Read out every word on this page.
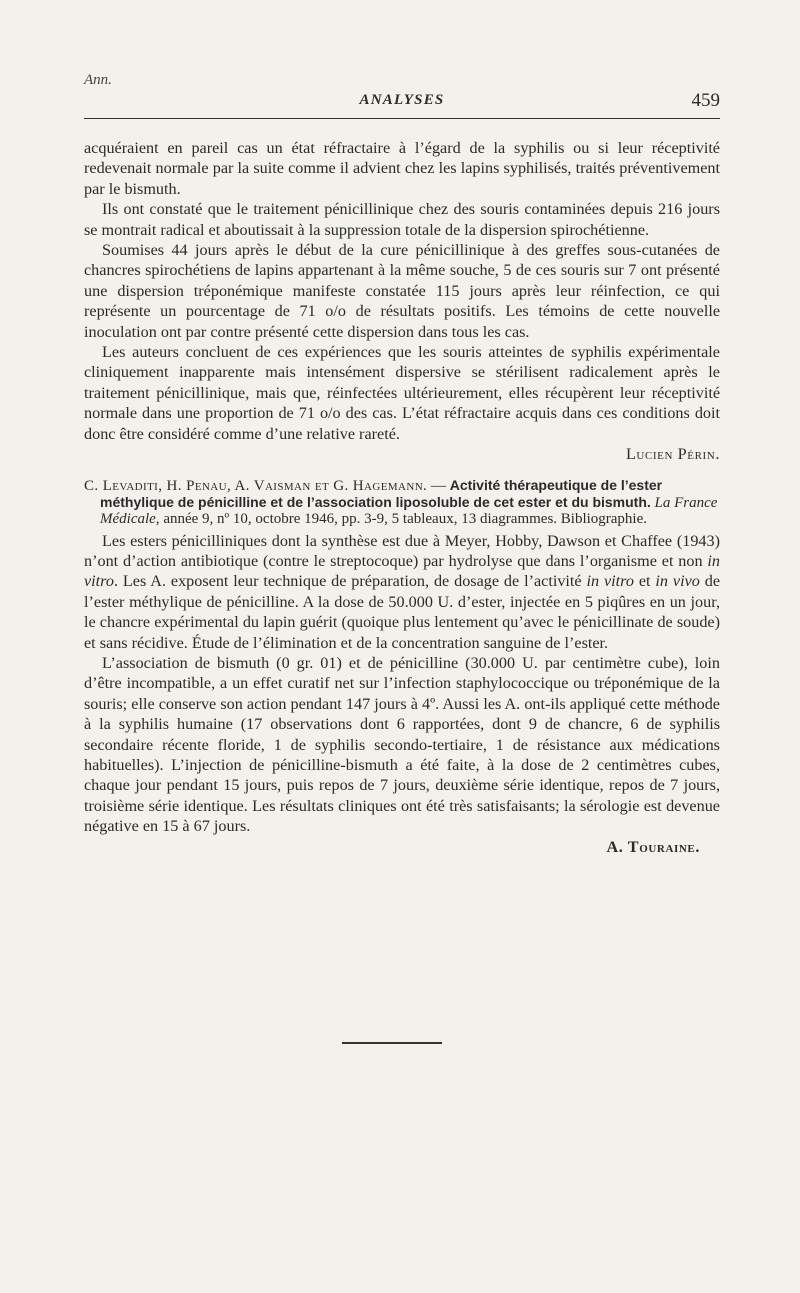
Ann.
ANALYSES	459

acquéraient en pareil cas un état réfractaire à l’égard de la syphilis ou si leur réceptivité redevenait normale par la suite comme il advient chez les lapins syphilisés, traités préventivement par le bismuth.

Ils ont constaté que le traitement pénicillinique chez des souris contaminées depuis 216 jours se montrait radical et aboutissait à la suppression totale de la dispersion spirochétienne.

Soumises 44 jours après le début de la cure pénicillinique à des greffes sous-cutanées de chancres spirochétiens de lapins appartenant à la même souche, 5 de ces souris sur 7 ont présenté une dispersion tréponémique manifeste constatée 115 jours après leur réinfection, ce qui représente un pourcentage de 71 o/o de résultats positifs. Les témoins de cette nouvelle inoculation ont par contre présenté cette dispersion dans tous les cas.

Les auteurs concluent de ces expériences que les souris atteintes de syphilis expérimentale cliniquement inapparente mais intensément dispersive se stérilisent radicalement après le traitement pénicillinique, mais que, réinfectées ultérieurement, elles récupèrent leur réceptivité normale dans une proportion de 71 o/o des cas. L’état réfractaire acquis dans ces conditions doit donc être considéré comme d’une relative rareté.

Lucien Périn.

C. Levaditi, H. Penau, A. Vaisman et G. Hagemann. — Activité thérapeutique de l’ester méthylique de pénicilline et de l’association liposoluble de cet ester et du bismuth. La France Médicale, année 9, nº 10, octobre 1946, pp. 3-9, 5 tableaux, 13 diagrammes. Bibliographie.

Les esters pénicilliniques dont la synthèse est due à Meyer, Hobby, Dawson et Chaffee (1943) n’ont d’action antibiotique (contre le streptocoque) par hydrolyse que dans l’organisme et non in vitro. Les A. exposent leur technique de préparation, de dosage de l’activité in vitro et in vivo de l’ester méthylique de pénicilline. A la dose de 50.000 U. d’ester, injectée en 5 piqûres en un jour, le chancre expérimental du lapin guérit (quoique plus lentement qu’avec le pénicillinate de soude) et sans récidive. Étude de l’élimination et de la concentration sanguine de l’ester.

L’association de bismuth (0 gr. 01) et de pénicilline (30.000 U. par centimètre cube), loin d’être incompatible, a un effet curatif net sur l’infection staphylococcique ou tréponémique de la souris; elle conserve son action pendant 147 jours à 4º. Aussi les A. ont-ils appliqué cette méthode à la syphilis humaine (17 observations dont 6 rapportées, dont 9 de chancre, 6 de syphilis secondaire récente floride, 1 de syphilis secondo-tertiaire, 1 de résistance aux médications habituelles). L’injection de pénicilline-bismuth a été faite, à la dose de 2 centimètres cubes, chaque jour pendant 15 jours, puis repos de 7 jours, deuxième série identique, repos de 7 jours, troisième série identique. Les résultats cliniques ont été très satisfaisants; la sérologie est devenue négative en 15 à 67 jours.

A. Touraine.
